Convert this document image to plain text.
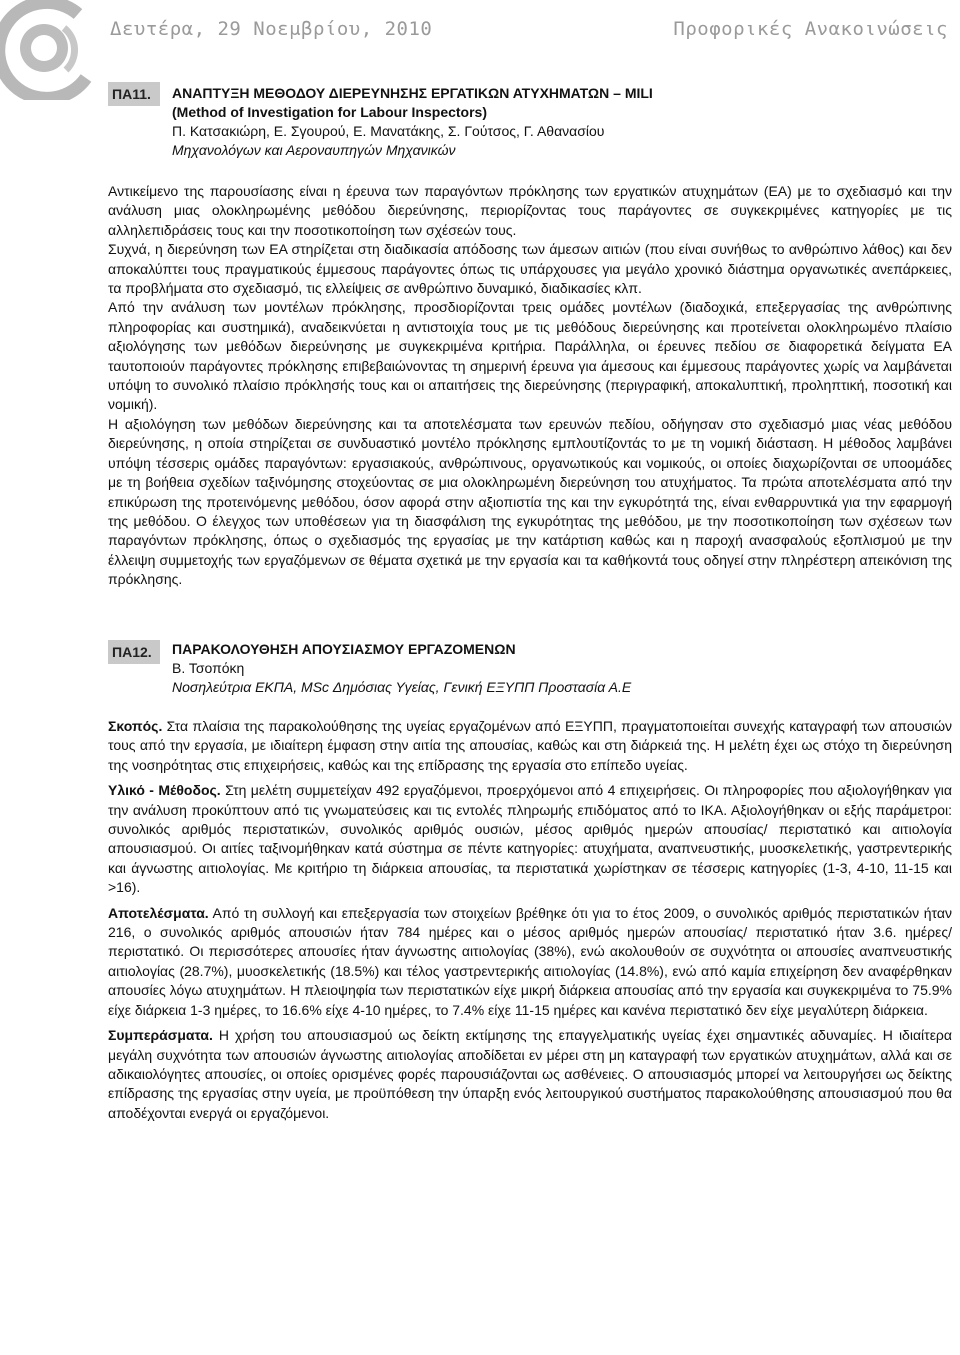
Δευτέρα, 29 Νοεμβρίου, 2010	Προφορικές Ανακοινώσεις
ΠΑ11.	ΑΝΑΠΤΥΞΗ ΜΕΘΟΔΟΥ ΔΙΕΡΕΥΝΗΣΗΣ ΕΡΓΑΤΙΚΩΝ ΑΤΥΧΗΜΑΤΩΝ – MILI
(Method of Investigation for Labour Inspectors)
Π. Κατσακιώρη, Ε. Σγουρού, Ε. Μανατάκης, Σ. Γούτσος, Γ. Αθανασίου
Μηχανολόγων και Αεροναυπηγών Μηχανικών

Αντικείμενο της παρουσίασης είναι η έρευνα των παραγόντων πρόκλησης των εργατικών ατυχημάτων (ΕΑ) με το σχεδιασμό και την ανάλυση μιας ολοκληρωμένης μεθόδου διερεύνησης, περιορίζοντας τους παράγοντες σε συγκεκριμένες κατηγορίες με τις αλληλεπιδράσεις τους και την ποσοτικοποίηση των σχέσεών τους.

Συχνά, η διερεύνηση των ΕΑ στηρίζεται στη διαδικασία απόδοσης των άμεσων αιτιών (που είναι συνήθως το ανθρώπινο λάθος) και δεν αποκαλύπτει τους πραγματικούς έμμεσους παράγοντες όπως τις υπάρχουσες για μεγάλο χρονικό διάστημα οργανωτικές ανεπάρκειες, τα προβλήματα στο σχεδιασμό, τις ελλείψεις σε ανθρώπινο δυναμικό, διαδικασίες κλπ.

Από την ανάλυση των μοντέλων πρόκλησης, προσδιορίζονται τρεις ομάδες μοντέλων (διαδοχικά, επεξεργασίας της ανθρώπινης πληροφορίας και συστημικά), αναδεικνύεται η αντιστοιχία τους με τις μεθόδους διερεύνησης και προτείνεται ολοκληρωμένο πλαίσιο αξιολόγησης των μεθόδων διερεύνησης με συγκεκριμένα κριτήρια. Παράλληλα, οι έρευνες πεδίου σε διαφορετικά δείγματα ΕΑ ταυτοποιούν παράγοντες πρόκλησης επιβεβαιώνοντας τη σημερινή έρευνα για άμεσους και έμμεσους παράγοντες χωρίς να λαμβάνεται υπόψη το συνολικό πλαίσιο πρόκλησής τους και οι απαιτήσεις της διερεύνησης (περιγραφική, αποκαλυπτική, προληπτική, ποσοτική και νομική).

Η αξιολόγηση των μεθόδων διερεύνησης και τα αποτελέσματα των ερευνών πεδίου, οδήγησαν στο σχεδιασμό μιας νέας μεθόδου διερεύνησης, η οποία στηρίζεται σε συνδυαστικό μοντέλο πρόκλησης εμπλουτίζοντάς το με τη νομική διάσταση. Η μέθοδος λαμβάνει υπόψη τέσσερις ομάδες παραγόντων: εργασιακούς, ανθρώπινους, οργανωτικούς και νομικούς, οι οποίες διαχωρίζονται σε υποομάδες με τη βοήθεια σχεδίων ταξινόμησης στοχεύοντας σε μια ολοκληρωμένη διερεύνηση του ατυχήματος. Τα πρώτα αποτελέσματα από την επικύρωση της προτεινόμενης μεθόδου, όσον αφορά στην αξιοπιστία της και την εγκυρότητά της, είναι ενθαρρυντικά για την εφαρμογή της μεθόδου. Ο έλεγχος των υποθέσεων για τη διασφάλιση της εγκυρότητας της μεθόδου, με την ποσοτικοποίηση των σχέσεων των παραγόντων πρόκλησης, όπως ο σχεδιασμός της εργασίας με την κατάρτιση καθώς και η παροχή ανασφαλούς εξοπλισμού με την έλλειψη συμμετοχής των εργαζόμενων σε θέματα σχετικά με την εργασία και τα καθήκοντά τους οδηγεί στην πληρέστερη απεικόνιση της πρόκλησης.

ΠΑ12.	ΠΑΡΑΚΟΛΟΥΘΗΣΗ ΑΠΟΥΣΙΑΣΜΟΥ ΕΡΓΑΖΟΜΕΝΩΝ
Β. Τσοπόκη
Νοσηλεύτρια ΕΚΠΑ, MSc Δημόσιας Υγείας, Γενική ΕΞΥΠΠ Προστασία Α.Ε

Σκοπός. Στα πλαίσια της παρακολούθησης της υγείας εργαζομένων από ΕΞΥΠΠ, πραγματοποιείται συνεχής καταγραφή των απουσιών τους από την εργασία, με ιδιαίτερη έμφαση στην αιτία της απουσίας, καθώς και στη διάρκειά της. Η μελέτη έχει ως στόχο τη διερεύνηση της νοσηρότητας στις επιχειρήσεις, καθώς και της επίδρασης της εργασία στο επίπεδο υγείας.

Υλικό - Μέθοδος. Στη μελέτη συμμετείχαν 492 εργαζόμενοι, προερχόμενοι από 4 επιχειρήσεις. Οι πληροφορίες που αξιολογήθηκαν για την ανάλυση προκύπτουν από τις γνωματεύσεις και τις εντολές πληρωμής επιδόματος από το ΙΚΑ. Αξιολογήθηκαν οι εξής παράμετροι: συνολικός αριθμός περιστατικών, συνολικός αριθμός ουσιών, μέσος αριθμός ημερών απουσίας/ περιστατικό και αιτιολογία απουσιασμού. Οι αιτίες ταξινομήθηκαν κατά σύστημα σε πέντε κατηγορίες: ατυχήματα, αναπνευστικής, μυοσκελετικής, γαστρεντερικής και άγνωστης αιτιολογίας. Με κριτήριο τη διάρκεια απουσίας, τα περιστατικά χωρίστηκαν σε τέσσερις κατηγορίες (1-3, 4-10, 11-15 και >16).

Αποτελέσματα. Από τη συλλογή και επεξεργασία των στοιχείων βρέθηκε ότι για το έτος 2009, ο συνολικός αριθμός περιστατικών ήταν 216, ο συνολικός αριθμός απουσιών ήταν 784 ημέρες και ο μέσος αριθμός ημερών απουσίας/ περιστατικό ήταν 3.6. ημέρες/ περιστατικό. Οι περισσότερες απουσίες ήταν άγνωστης αιτιολογίας (38%), ενώ ακολουθούν σε συχνότητα οι απουσίες αναπνευστικής αιτιολογίας (28.7%), μυοσκελετικής (18.5%) και τέλος γαστρεντερικής αιτιολογίας (14.8%), ενώ από καμία επιχείρηση δεν αναφέρθηκαν απουσίες λόγω ατυχημάτων. Η πλειοψηφία των περιστατικών είχε μικρή διάρκεια απουσίας από την εργασία και συγκεκριμένα το 75.9% είχε διάρκεια 1-3 ημέρες, το 16.6% είχε 4-10 ημέρες, το 7.4% είχε 11-15 ημέρες και κανένα περιστατικό δεν είχε μεγαλύτερη διάρκεια.

Συμπεράσματα. Η χρήση του απουσιασμού ως δείκτη εκτίμησης της επαγγελματικής υγείας έχει σημαντικές αδυναμίες. Η ιδιαίτερα μεγάλη συχνότητα των απουσιών άγνωστης αιτιολογίας αποδίδεται εν μέρει στη μη καταγραφή των εργατικών ατυχημάτων, αλλά και σε αδικαιολόγητες απουσίες, οι οποίες ορισμένες φορές παρουσιάζονται ως ασθένειες. Ο απουσιασμός μπορεί να λειτουργήσει ως δείκτης επίδρασης της εργασίας στην υγεία, με προϋπόθεση την ύπαρξη ενός λειτουργικού συστήματος παρακολούθησης απουσιασμού που θα αποδέχονται ενεργά οι εργαζόμενοι.
